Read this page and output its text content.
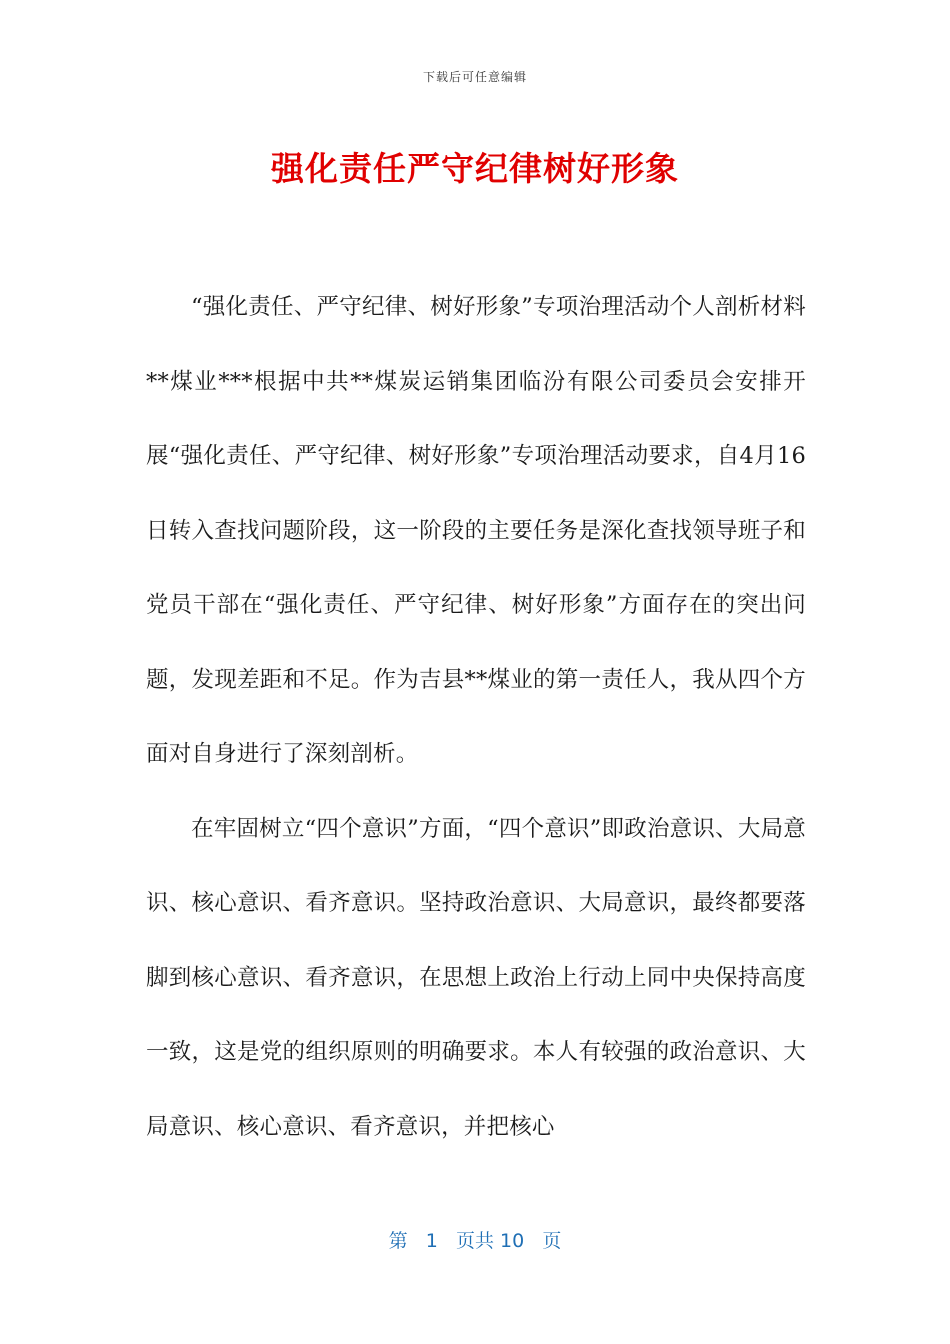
下载后可任意编辑
强化责任严守纪律树好形象

“强化责任、严守纪律、树好形象”专项治理活动个人剖析材料**煤业***根据中共**煤炭运销集团临汾有限公司委员会安排开展“强化责任、严守纪律、树好形象”专项治理活动要求，自4月16日转入查找问题阶段，这一阶段的主要任务是深化查找领导班子和党员干部在“强化责任、严守纪律、树好形象”方面存在的突出问题，发现差距和不足。作为吉县**煤业的第一责任人，我从四个方面对自身进行了深刻剖析。

在牢固树立“四个意识”方面，“四个意识”即政治意识、大局意识、核心意识、看齐意识。坚持政治意识、大局意识，最终都要落脚到核心意识、看齐意识，在思想上政治上行动上同中央保持高度一致，这是党的组织原则的明确要求。本人有较强的政治意识、大局意识、核心意识、看齐意识，并把核心

第 1 页共 10 页
